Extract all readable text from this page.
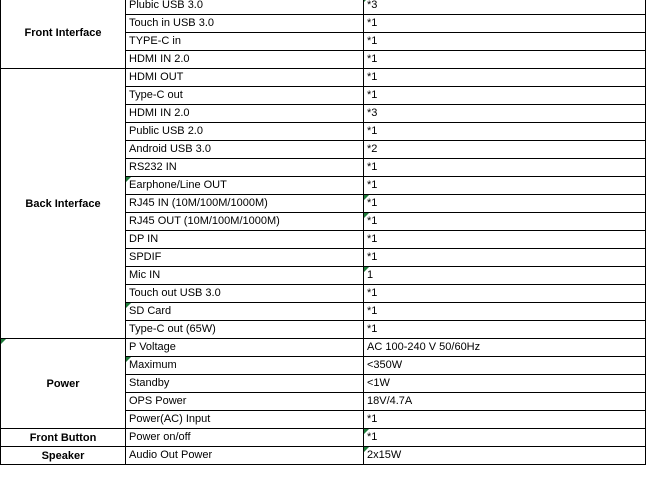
Front Interface	Plubic USB 3.0	*3
	Touch in USB 3.0	*1
	TYPE-C in	*1
	HDMI IN 2.0	*1
Back Interface	HDMI OUT	*1
	Type-C out	*1
	HDMI IN 2.0	*3
	Public USB 2.0	*1
	Android USB 3.0	*2
	RS232 IN	*1
	Earphone/Line OUT	*1
	RJ45 IN (10M/100M/1000M)	*1
	RJ45 OUT (10M/100M/1000M)	*1
	DP IN	*1
	SPDIF	*1
	Mic IN	1
	Touch out USB 3.0	*1
	SD Card	*1
	Type-C out (65W)	*1
Power	P Voltage	AC 100-240 V 50/60Hz
	Maximum	<350W
	Standby	<1W
	OPS Power	18V/4.7A
	Power(AC) Input	*1
Front Button	Power on/off	*1
Speaker	Audio Out Power	2x15W
